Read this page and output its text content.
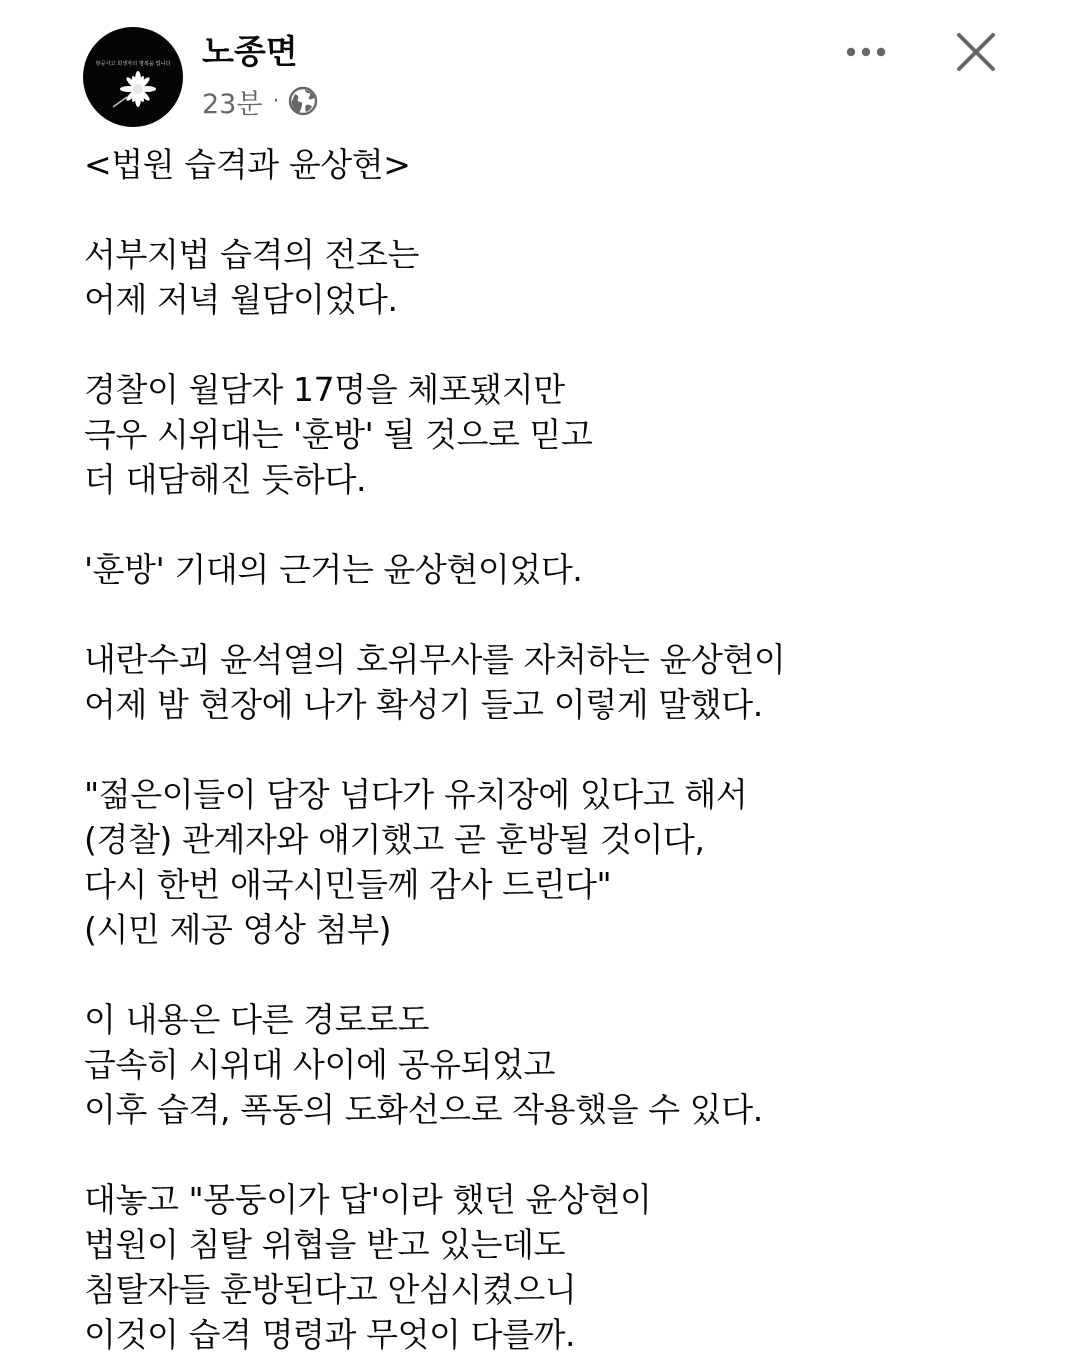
항공사고 희생자의 명복을 빕니다 노종면
23분 ·
<법원 습격과 윤상현>
서부지법 습격의 전조는
어제 저녁 월담이었다.
경찰이 월담자 17명을 체포됐지만
극우 시위대는 '훈방' 될 것으로 믿고
더 대담해진 듯하다.
'훈방' 기대의 근거는 윤상현이었다.
내란수괴 윤석열의 호위무사를 자처하는 윤상현이
어제 밤 현장에 나가 확성기 들고 이렇게 말했다.
"젊은이들이 담장 넘다가 유치장에 있다고 해서
(경찰) 관계자와 얘기했고 곧 훈방될 것이다,
다시 한번 애국시민들께 감사 드린다"
(시민 제공 영상 첨부)
이 내용은 다른 경로로도
급속히 시위대 사이에 공유되었고
이후 습격, 폭동의 도화선으로 작용했을 수 있다.
대놓고 "몽둥이가 답'이라 했던 윤상현이
법원이 침탈 위협을 받고 있는데도
침탈자들 훈방된다고 안심시켰으니
이것이 습격 명령과 무엇이 다를까.
